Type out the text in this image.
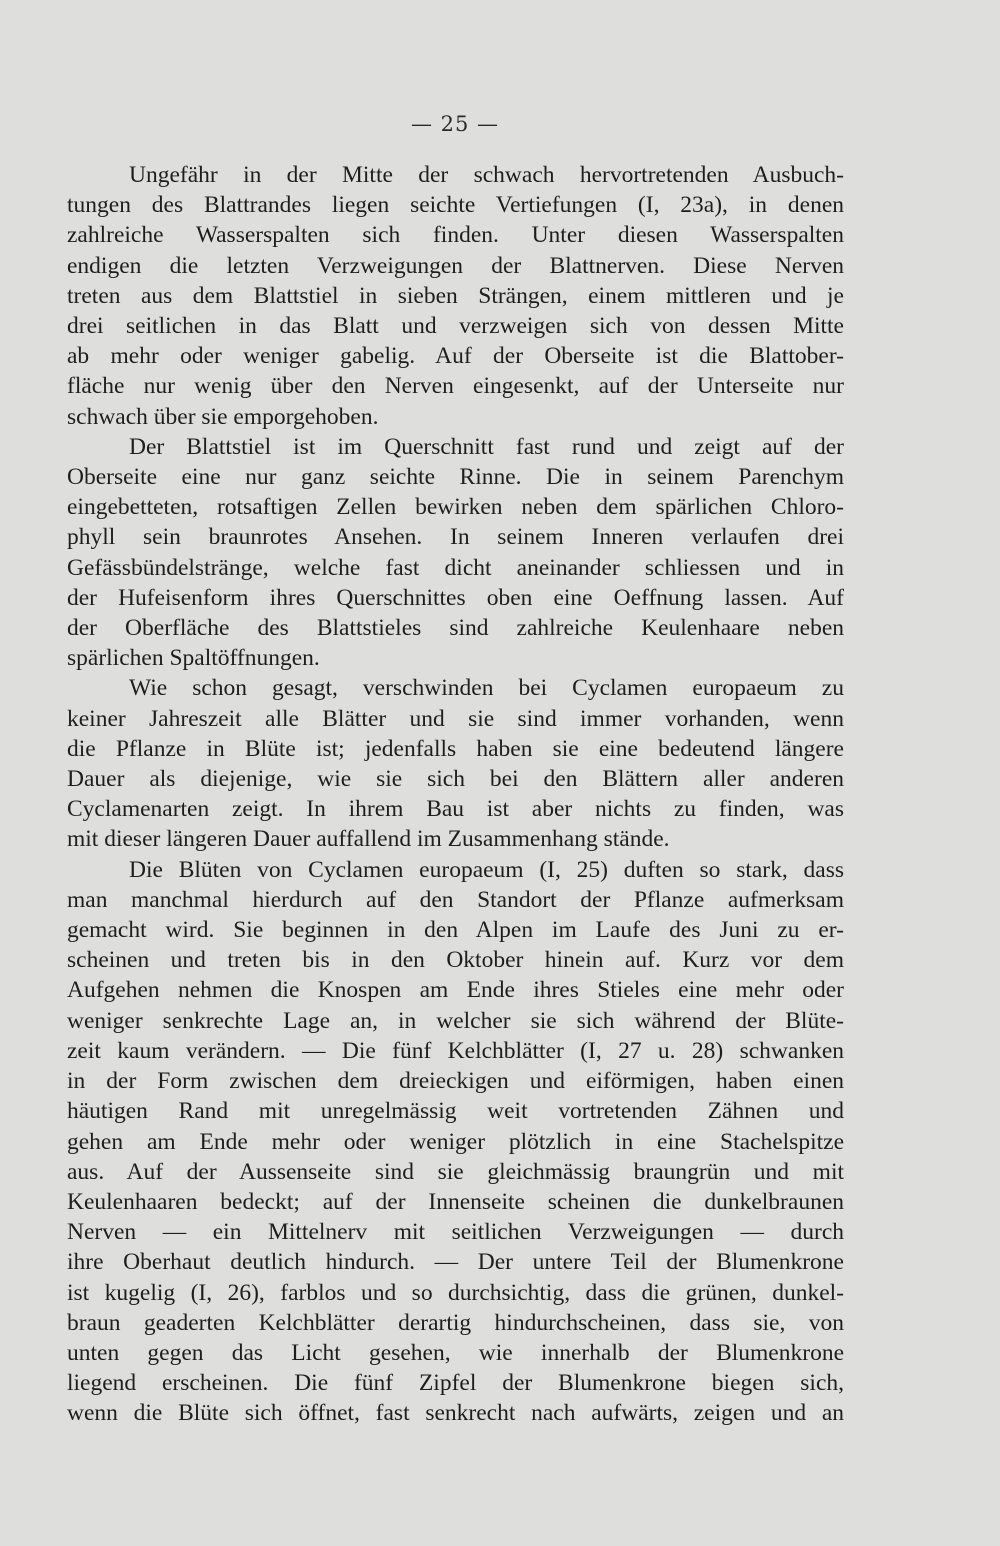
— 25 —
Ungefähr in der Mitte der schwach hervortretenden Ausbuch-
tungen des Blattrandes liegen seichte Vertiefungen (I, 23a), in denen
zahlreiche Wasserspalten sich finden. Unter diesen Wasserspalten
endigen die letzten Verzweigungen der Blattnerven. Diese Nerven
treten aus dem Blattstiel in sieben Strängen, einem mittleren und je
drei seitlichen in das Blatt und verzweigen sich von dessen Mitte
ab mehr oder weniger gabelig. Auf der Oberseite ist die Blattober-
fläche nur wenig über den Nerven eingesenkt, auf der Unterseite nur
schwach über sie emporgehoben.
Der Blattstiel ist im Querschnitt fast rund und zeigt auf der
Oberseite eine nur ganz seichte Rinne. Die in seinem Parenchym
eingebetteten, rotsaftigen Zellen bewirken neben dem spärlichen Chloro-
phyll sein braunrotes Ansehen. In seinem Inneren verlaufen drei
Gefässbündelstränge, welche fast dicht aneinander schliessen und in
der Hufeisenform ihres Querschnittes oben eine Oeffnung lassen. Auf
der Oberfläche des Blattstieles sind zahlreiche Keulenhaare neben
spärlichen Spaltöffnungen.
Wie schon gesagt, verschwinden bei Cyclamen europaeum zu
keiner Jahreszeit alle Blätter und sie sind immer vorhanden, wenn
die Pflanze in Blüte ist; jedenfalls haben sie eine bedeutend längere
Dauer als diejenige, wie sie sich bei den Blättern aller anderen
Cyclamenarten zeigt. In ihrem Bau ist aber nichts zu finden, was
mit dieser längeren Dauer auffallend im Zusammenhang stände.
Die Blüten von Cyclamen europaeum (I, 25) duften so stark, dass
man manchmal hierdurch auf den Standort der Pflanze aufmerksam
gemacht wird. Sie beginnen in den Alpen im Laufe des Juni zu er-
scheinen und treten bis in den Oktober hinein auf. Kurz vor dem
Aufgehen nehmen die Knospen am Ende ihres Stieles eine mehr oder
weniger senkrechte Lage an, in welcher sie sich während der Blüte-
zeit kaum verändern. — Die fünf Kelchblätter (I, 27 u. 28) schwanken
in der Form zwischen dem dreieckigen und eiförmigen, haben einen
häutigen Rand mit unregelmässig weit vortretenden Zähnen und
gehen am Ende mehr oder weniger plötzlich in eine Stachelspitze
aus. Auf der Aussenseite sind sie gleichmässig braungrün und mit
Keulenhaaren bedeckt; auf der Innenseite scheinen die dunkelbraunen
Nerven — ein Mittelnerv mit seitlichen Verzweigungen — durch
ihre Oberhaut deutlich hindurch. — Der untere Teil der Blumenkrone
ist kugelig (I, 26), farblos und so durchsichtig, dass die grünen, dunkel-
braun geaderten Kelchblätter derartig hindurchscheinen, dass sie, von
unten gegen das Licht gesehen, wie innerhalb der Blumenkrone
liegend erscheinen. Die fünf Zipfel der Blumenkrone biegen sich,
wenn die Blüte sich öffnet, fast senkrecht nach aufwärts, zeigen und an
